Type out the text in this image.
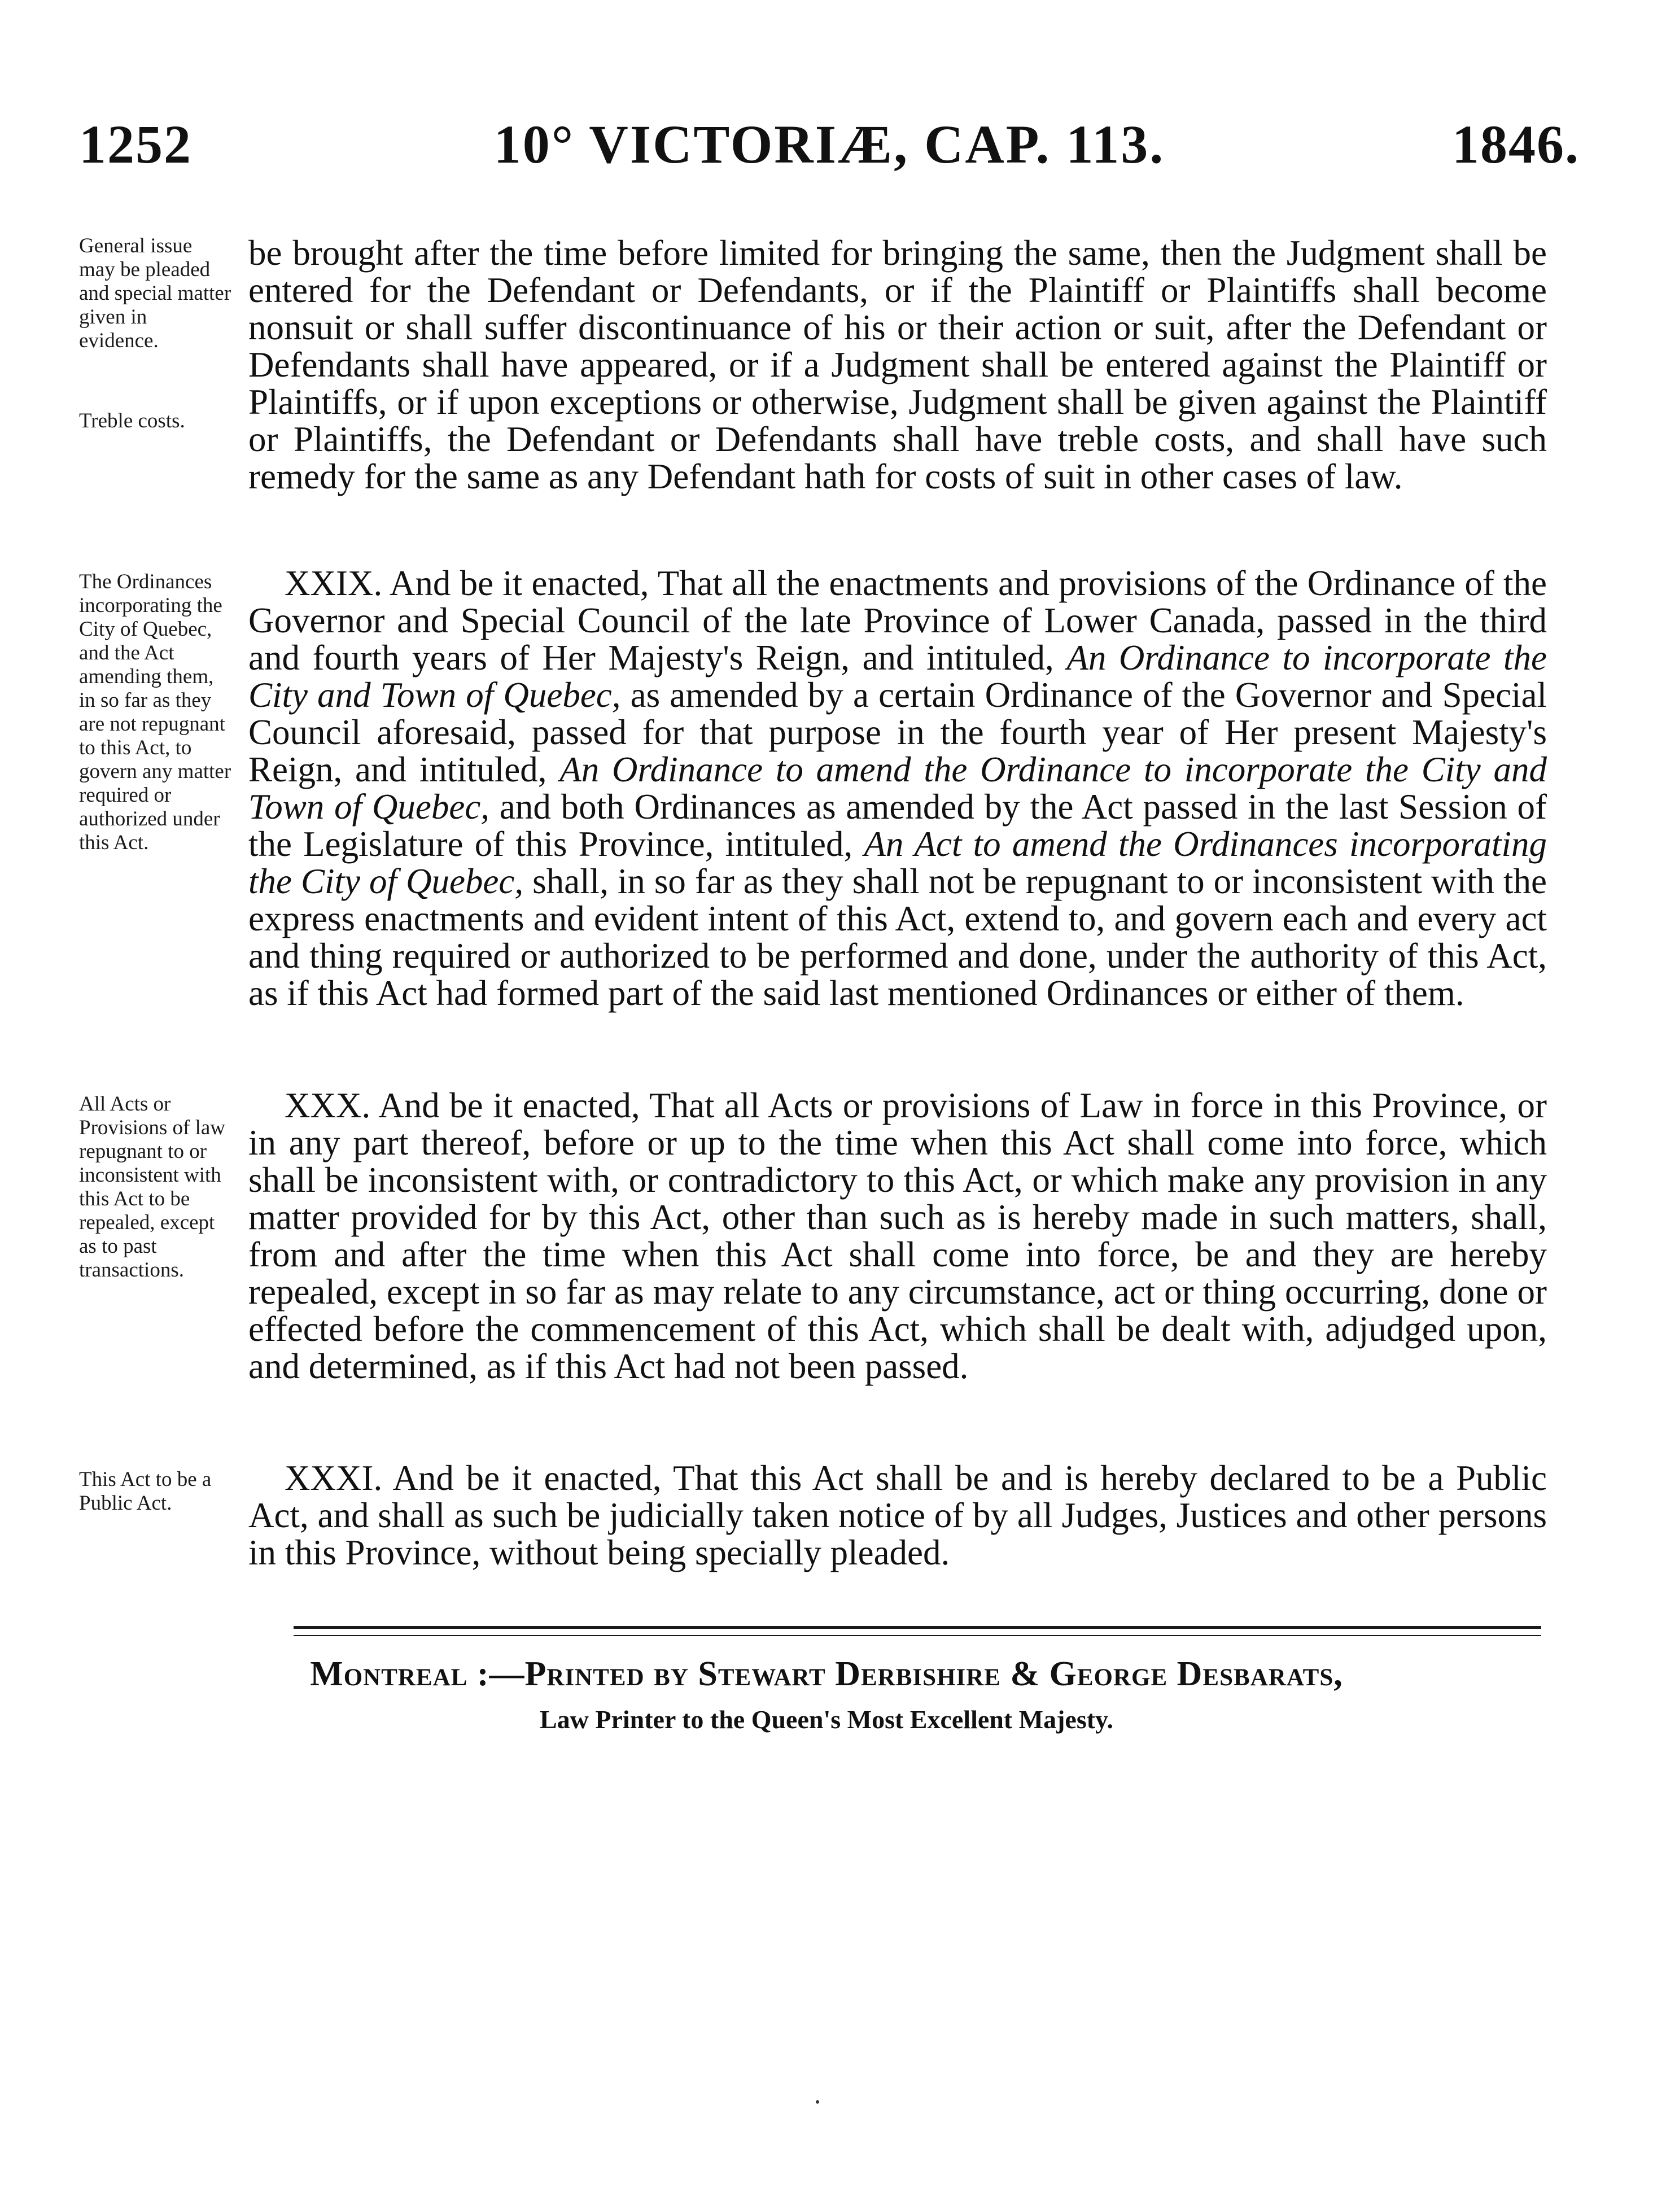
1252	10° VICTORIÆ, CAP. 113.	1846.
General issue may be pleaded and special matter given in evidence.
Treble costs.

be brought after the time before limited for bringing the same, then the Judgment shall be entered for the Defendant or Defendants, or if the Plaintiff or Plaintiffs shall become nonsuit or shall suffer discontinuance of his or their action or suit, after the Defendant or Defendants shall have appeared, or if a Judgment shall be entered against the Plaintiff or Plaintiffs, or if upon exceptions or otherwise, Judgment shall be given against the Plaintiff or Plaintiffs, the Defendant or Defendants shall have treble costs, and shall have such remedy for the same as any Defendant hath for costs of suit in other cases of law.

The Ordinances incorporating the City of Quebec, and the Act amending them, in so far as they are not repugnant to this Act, to govern any matter required or authorized under this Act.

XXIX. And be it enacted, That all the enactments and provisions of the Ordinance of the Governor and Special Council of the late Province of Lower Canada, passed in the third and fourth years of Her Majesty's Reign, and intituled, An Ordinance to incorporate the City and Town of Quebec, as amended by a certain Ordinance of the Governor and Special Council aforesaid, passed for that purpose in the fourth year of Her present Majesty's Reign, and intituled, An Ordinance to amend the Ordinance to incorporate the City and Town of Quebec, and both Ordinances as amended by the Act passed in the last Session of the Legislature of this Province, intituled, An Act to amend the Ordinances incorporating the City of Quebec, shall, in so far as they shall not be repugnant to or inconsistent with the express enactments and evident intent of this Act, extend to, and govern each and every act and thing required or authorized to be performed and done, under the authority of this Act, as if this Act had formed part of the said last mentioned Ordinances or either of them.

All Acts or Provisions of law repugnant to or inconsistent with this Act to be repealed, except as to past transactions.

XXX. And be it enacted, That all Acts or provisions of Law in force in this Province, or in any part thereof, before or up to the time when this Act shall come into force, which shall be inconsistent with, or contradictory to this Act, or which make any provision in any matter provided for by this Act, other than such as is hereby made in such matters, shall, from and after the time when this Act shall come into force, be and they are hereby repealed, except in so far as may relate to any circumstance, act or thing occurring, done or effected before the commencement of this Act, which shall be dealt with, adjudged upon, and determined, as if this Act had not been passed.

This Act to be a Public Act.

XXXI. And be it enacted, That this Act shall be and is hereby declared to be a Public Act, and shall as such be judicially taken notice of by all Judges, Justices and other persons in this Province, without being specially pleaded.

Montreal :—Printed by Stewart Derbishire & George Desbarats,
Law Printer to the Queen's Most Excellent Majesty.
